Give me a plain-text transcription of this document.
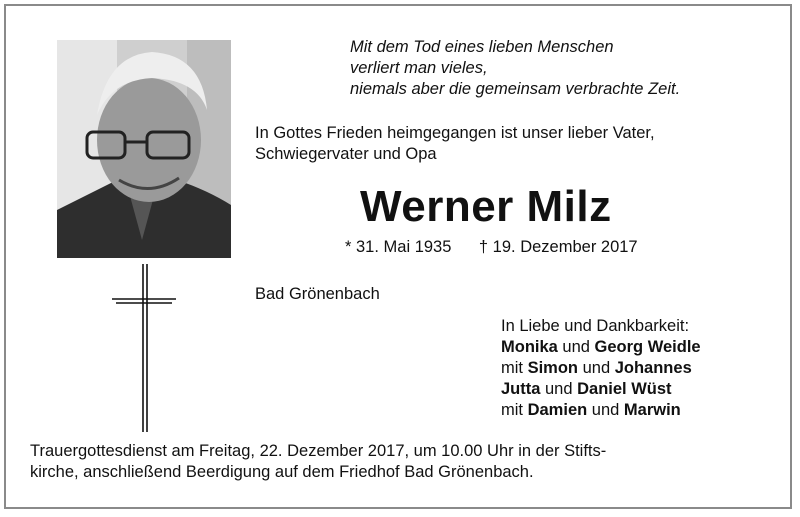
Mit dem Tod eines lieben Menschen
verliert man vieles,
niemals aber die gemeinsam verbrachte Zeit.
In Gottes Frieden heimgegangen ist unser lieber Vater,
Schwiegervater und Opa
Werner Milz
* 31. Mai 1935 † 19. Dezember 2017
Bad Grönenbach
In Liebe und Dankbarkeit:
Monika und Georg Weidle
mit Simon und Johannes
Jutta und Daniel Wüst
mit Damien und Marwin
Trauergottesdienst am Freitag, 22. Dezember 2017, um 10.00 Uhr in der Stifts-
kirche, anschließend Beerdigung auf dem Friedhof Bad Grönenbach.
